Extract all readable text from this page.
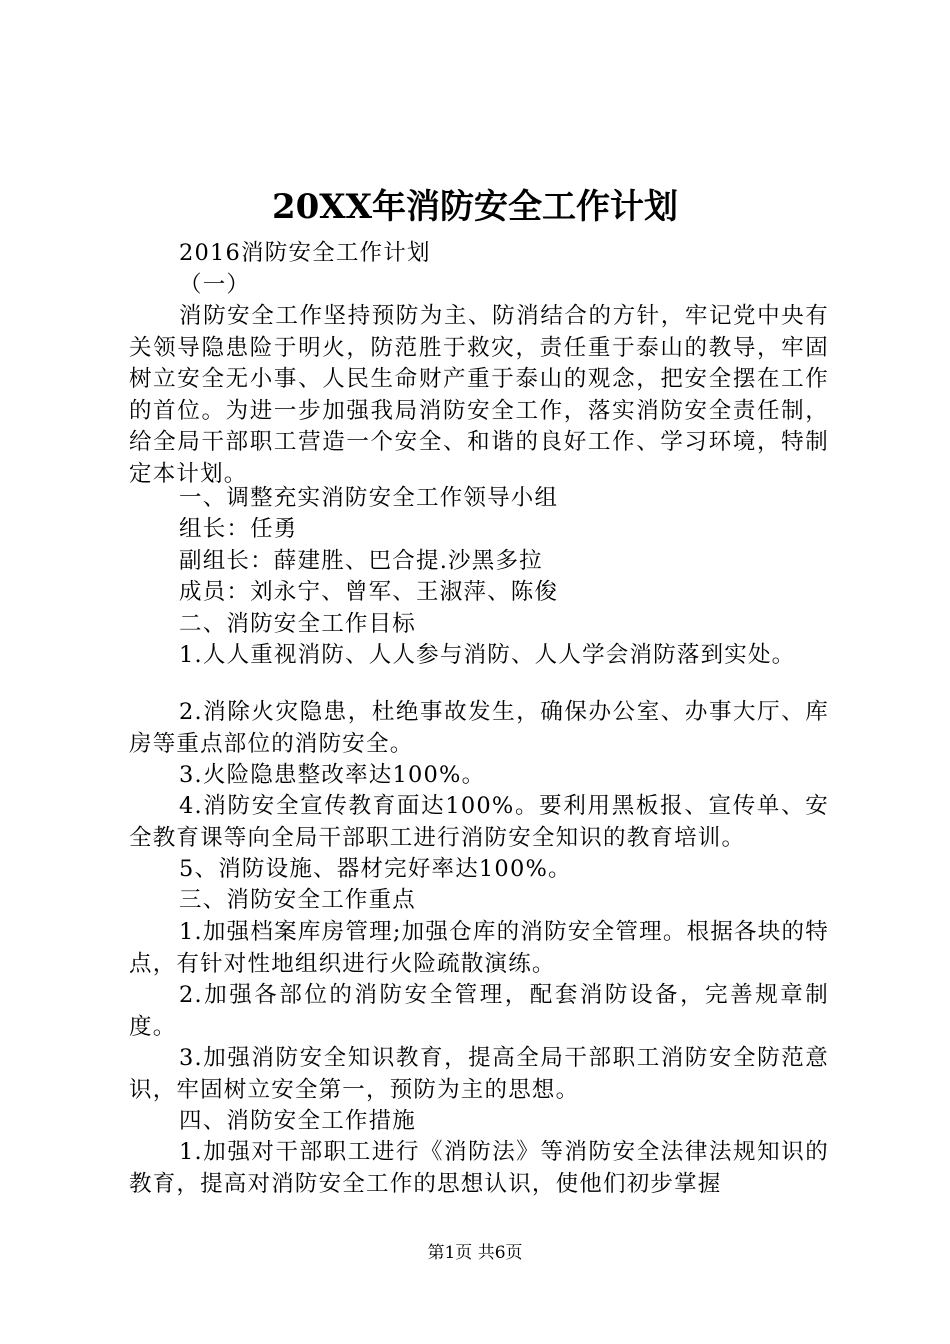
20XX年消防安全工作计划
2016消防安全工作计划
（一）
消防安全工作坚持预防为主、防消结合的方针，牢记党中央有关领导隐患险于明火，防范胜于救灾，责任重于泰山的教导，牢固树立安全无小事、人民生命财产重于泰山的观念，把安全摆在工作的首位。为进一步加强我局消防安全工作，落实消防安全责任制，给全局干部职工营造一个安全、和谐的良好工作、学习环境，特制定本计划。
一、调整充实消防安全工作领导小组
组长：任勇
副组长：薛建胜、巴合提.沙黑多拉
成员：刘永宁、曾军、王淑萍、陈俊
二、消防安全工作目标
1.人人重视消防、人人参与消防、人人学会消防落到实处。
2.消除火灾隐患，杜绝事故发生，确保办公室、办事大厅、库房等重点部位的消防安全。
3.火险隐患整改率达100%。
4.消防安全宣传教育面达100%。要利用黑板报、宣传单、安全教育课等向全局干部职工进行消防安全知识的教育培训。
5、消防设施、器材完好率达100%。
三、消防安全工作重点
1.加强档案库房管理;加强仓库的消防安全管理。根据各块的特点，有针对性地组织进行火险疏散演练。
2.加强各部位的消防安全管理，配套消防设备，完善规章制度。
3.加强消防安全知识教育，提高全局干部职工消防安全防范意识，牢固树立安全第一，预防为主的思想。
四、消防安全工作措施
1.加强对干部职工进行《消防法》等消防安全法律法规知识的教育，提高对消防安全工作的思想认识，使他们初步掌握
第1页 共6页
